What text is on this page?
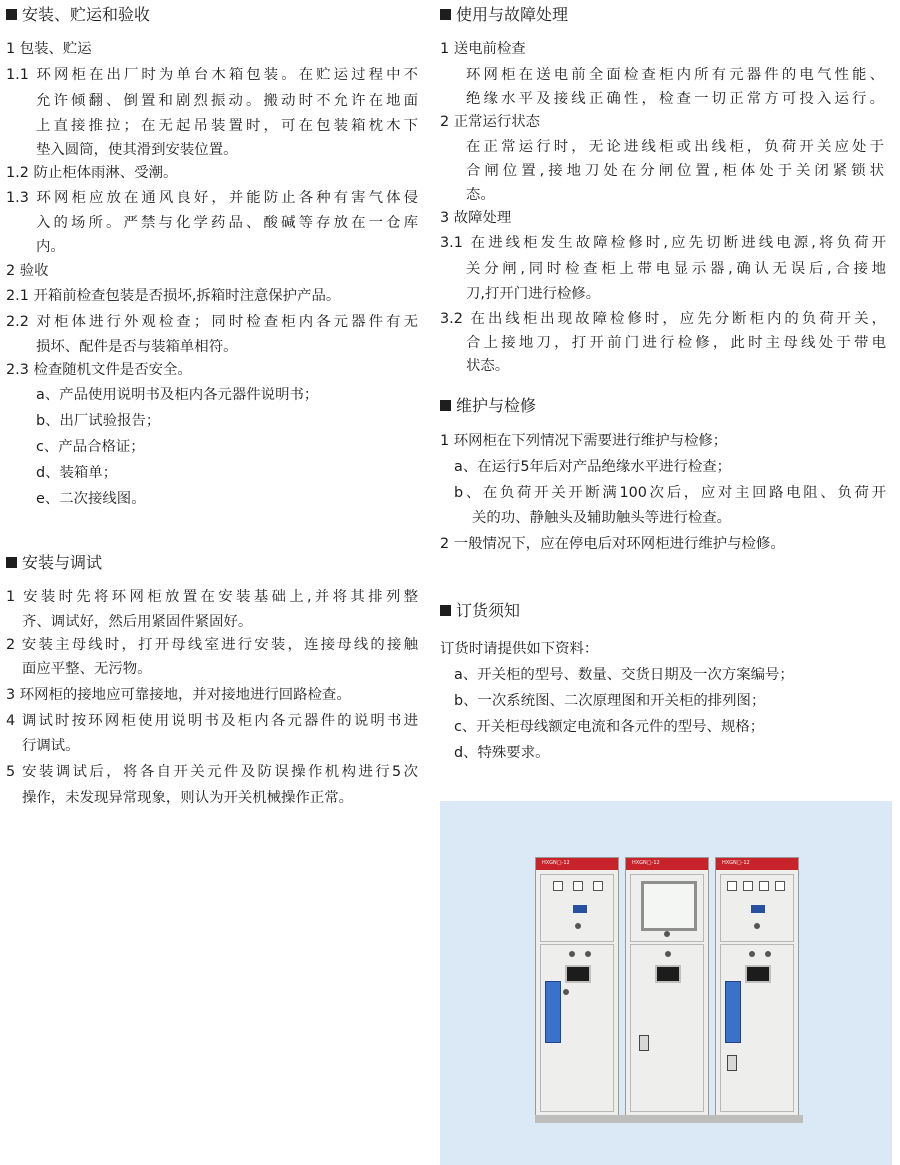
安装、贮运和验收
1 包装、贮运
1.1 环网柜在出厂时为单台木箱包装。在贮运过程中不
允许倾翻、倒置和剧烈振动。搬动时不允许在地面
上直接推拉；在无起吊装置时，可在包装箱枕木下
垫入圆筒，使其滑到安装位置。
1.2 防止柜体雨淋、受潮。
1.3 环网柜应放在通风良好，并能防止各种有害气体侵
入的场所。严禁与化学药品、酸碱等存放在一仓库
内。
2 验收
2.1 开箱前检查包装是否损坏,拆箱时注意保护产品。
2.2 对柜体进行外观检查；同时检查柜内各元器件有无
损坏、配件是否与装箱单相符。
2.3 检查随机文件是否安全。
a、产品使用说明书及柜内各元器件说明书；
b、出厂试验报告；
c、产品合格证；
d、装箱单；
e、二次接线图。
安装与调试
1 安装时先将环网柜放置在安装基础上,并将其排列整
齐、调试好，然后用紧固件紧固好。
2 安装主母线时，打开母线室进行安装，连接母线的接触
面应平整、无污物。
3 环网柜的接地应可靠接地，并对接地进行回路检查。
4 调试时按环网柜使用说明书及柜内各元器件的说明书进
行调试。
5 安装调试后，将各自开关元件及防误操作机构进行5次
操作，未发现异常现象，则认为开关机械操作正常。
使用与故障处理
1 送电前检查
环网柜在送电前全面检查柜内所有元器件的电气性能、
绝缘水平及接线正确性，检查一切正常方可投入运行。
2 正常运行状态
在正常运行时，无论进线柜或出线柜，负荷开关应处于
合闸位置,接地刀处在分闸位置,柜体处于关闭紧锁状
态。
3 故障处理
3.1 在进线柜发生故障检修时,应先切断进线电源,将负荷开
关分闸,同时检查柜上带电显示器,确认无误后,合接地
刀,打开门进行检修。
3.2 在出线柜出现故障检修时，应先分断柜内的负荷开关，
合上接地刀，打开前门进行检修，此时主母线处于带电
状态。
维护与检修
1 环网柜在下列情况下需要进行维护与检修；
a、在运行5年后对产品绝缘水平进行检查；
b、在负荷开关开断满100次后，应对主回路电阻、负荷开
关的功、静触头及辅助触头等进行检查。
2 一般情况下，应在停电后对环网柜进行维护与检修。
订货须知
订货时请提供如下资料：
a、开关柜的型号、数量、交货日期及一次方案编号；
b、一次系统图、二次原理图和开关柜的排列图；
c、开关柜母线额定电流和各元件的型号、规格；
d、特殊要求。
HXGN□-12	HXGN□-12	HXGN□-12
